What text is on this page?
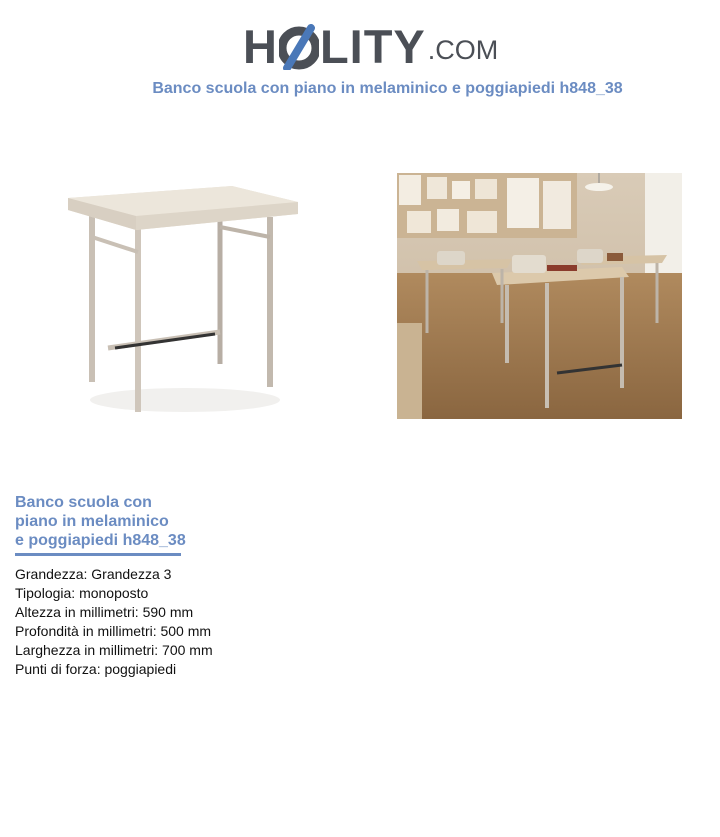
H LITY .COM
Banco scuola con piano in melaminico e poggiapiedi h848_38
Banco scuola con
piano in melaminico
e poggiapiedi h848_38
Grandezza: Grandezza 3
Tipologia: monoposto
Altezza in millimetri: 590 mm
Profondità in millimetri: 500 mm
Larghezza in millimetri: 700 mm
Punti di forza: poggiapiedi
